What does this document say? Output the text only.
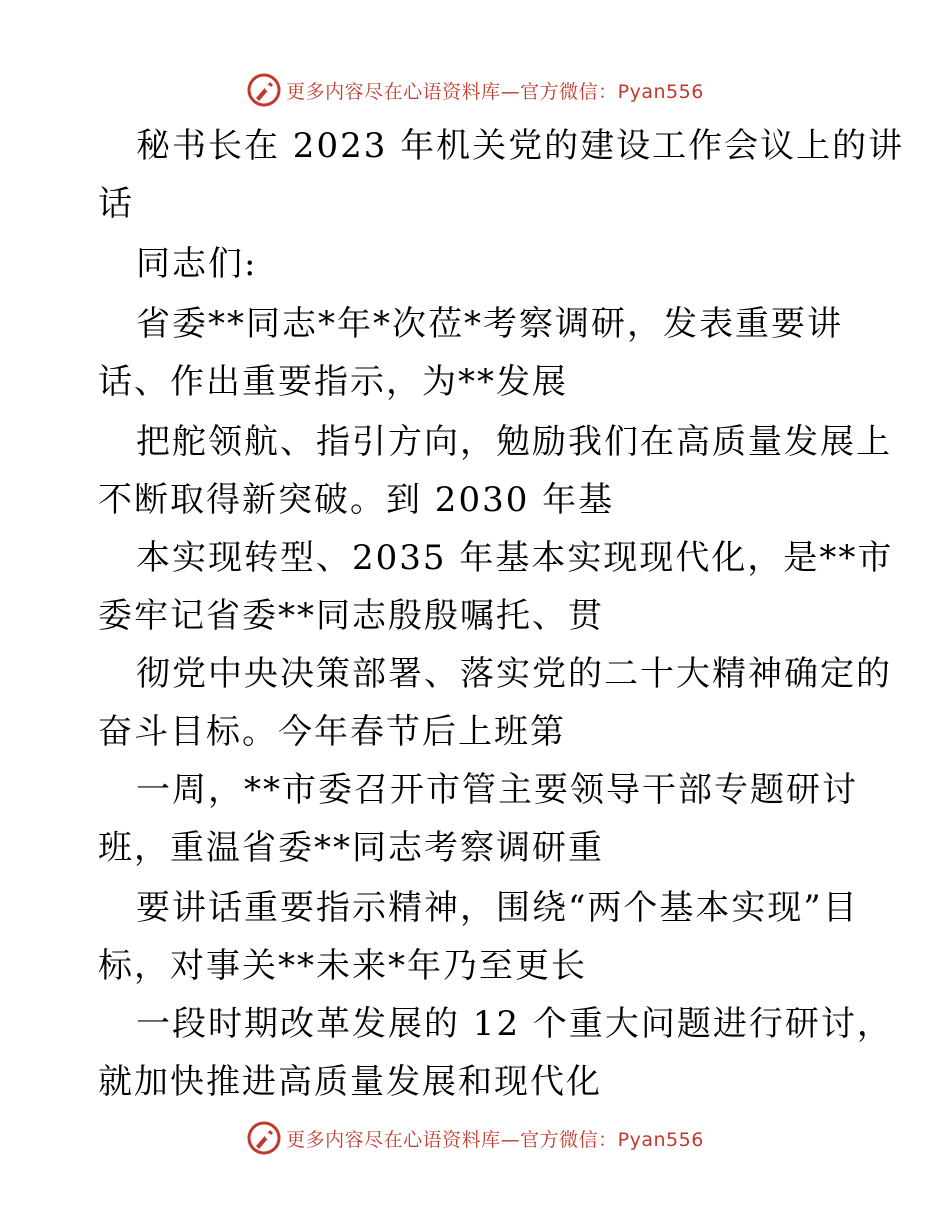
更多内容尽在心语资料库—官方微信：Pyan556
秘书长在 2023 年机关党的建设工作会议上的讲
话
同志们:
省委**同志*年*次莅*考察调研，发表重要讲
话、作出重要指示，为**发展
把舵领航、指引方向，勉励我们在高质量发展上
不断取得新突破。到 2030 年基
本实现转型、2035 年基本实现现代化，是**市
委牢记省委**同志殷殷嘱托、贯
彻党中央决策部署、落实党的二十大精神确定的
奋斗目标。今年春节后上班第
一周，**市委召开市管主要领导干部专题研讨
班，重温省委**同志考察调研重
要讲话重要指示精神，围绕“两个基本实现”目
标，对事关**未来*年乃至更长
一段时期改革发展的 12 个重大问题进行研讨，
就加快推进高质量发展和现代化
更多内容尽在心语资料库—官方微信：Pyan556
